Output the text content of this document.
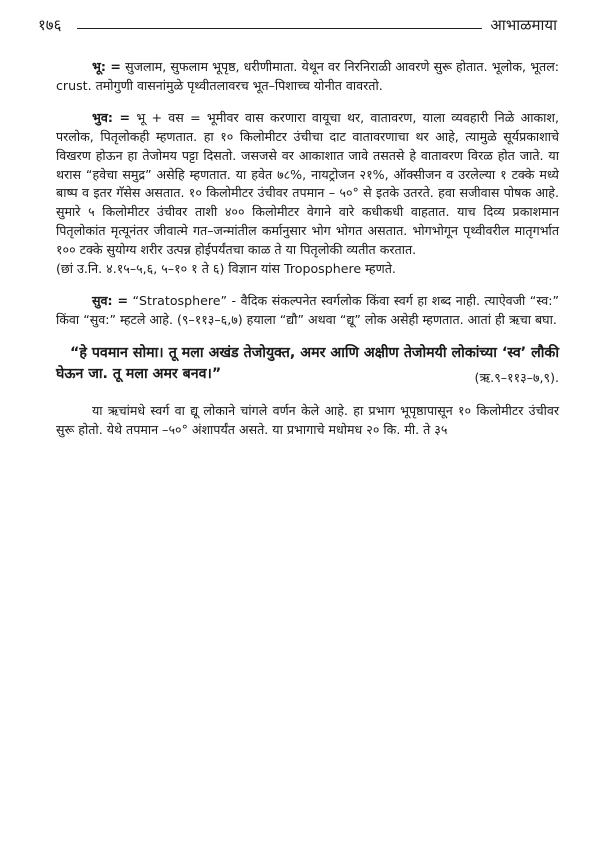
१७६	आभाळमाया

भू: = सुजलाम, सुफलाम भूपृष्ठ, धरीणीमाता. येथून वर निरनिराळी आवरणे सुरू होतात. भूलोक, भूतल: crust. तमोगुणी वासनांमुळे पृथ्वीतलावरच भूत–पिशाच्च योनीत वावरतो.

भुव: = भू + वस = भूमीवर वास करणारा वायूचा थर, वातावरण, याला व्यवहारी निळे आकाश, परलोक, पितृलोकही म्हणतात. हा १० किलोमीटर उंचीचा दाट वातावरणाचा थर आहे, त्यामुळे सूर्यप्रकाशाचे विखरण होऊन हा तेजोमय पट्टा दिसतो. जसजसे वर आकाशात जावे तसतसे हे वातावरण विरळ होत जाते. या थरास “हवेचा समुद्र” असेहि म्हणतात. या हवेत ७८%, नायट्रोजन २१%, ऑक्सीजन व उरलेल्या १ टक्के मध्ये बाष्प व इतर गॅसेस असतात. १० किलोमीटर उंचीवर तपमान – ५०° से इतके उतरते. हवा सजीवास पोषक आहे. सुमारे ५ किलोमीटर उंचीवर ताशी ४०० किलोमीटर वेगाने वारे कधीकधी वाहतात. याच दिव्य प्रकाशमान पितृलोकांत मृत्यूनंतर जीवात्मे गत–जन्मांतील कर्मानुसार भोग भोगत असतात. भोगभोगून पृथ्वीवरील मातृगर्भात १०० टक्के सुयोग्य शरीर उत्पन्न होईपर्यंतचा काळ ते या पितृलोकी व्यतीत करतात.

(छां उ.नि. ४.१५–५,६, ५–१० १ ते ६) विज्ञान यांस Troposphere म्हणते.

सुव: = “Stratosphere” - वैदिक संकल्पनेत स्वर्गलोक किंवा स्वर्ग हा शब्द नाही. त्याऐवजी “स्व:” किंवा “सुव:” म्हटले आहे. (९–११३–६,७) हयाला “द्यौ” अथवा “द्यू” लोक असेही म्हणतात. आतां ही ऋचा बघा.

“हे पवमान सोमा। तू मला अखंड तेजोयुक्त, अमर आणि अक्षीण तेजोमयी लोकांच्या ‘स्व’ लौकी घेऊन जा. तू मला अमर बनव।”	(ऋ.९–११३–७,९).

या ऋचांमधे स्वर्ग वा द्यू लोकाने चांगले वर्णन केले आहे. हा प्रभाग भूपृष्ठापासून १० किलोमीटर उंचीवर सुरू होतो. येथे तपमान –५०° अंशापर्यंत असते. या प्रभागाचे मधोमध २० कि. मी. ते ३५
